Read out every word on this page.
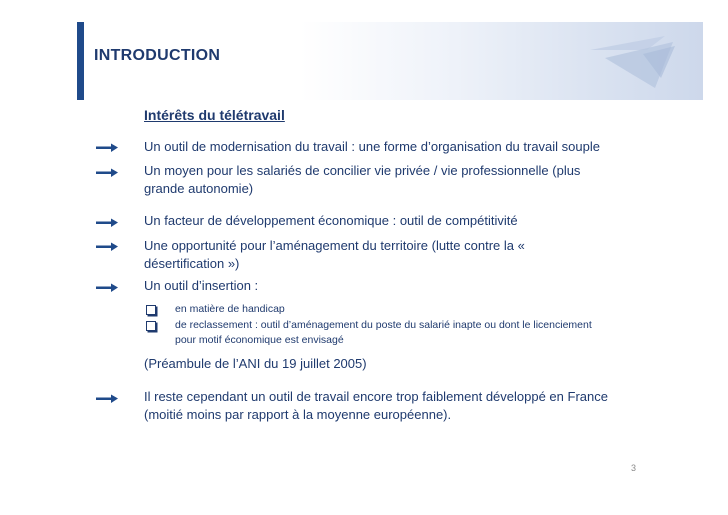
INTRODUCTION
Intérêts du télétravail
Un outil de modernisation du travail : une forme d’organisation du travail souple
Un moyen pour les salariés de concilier vie privée / vie professionnelle (plus grande autonomie)
Un facteur de développement économique : outil de compétitivité
Une opportunité pour l’aménagement du territoire (lutte contre la « désertification »)
Un outil d’insertion :
en matière de handicap
de reclassement : outil d’aménagement du poste du salarié inapte ou dont le licenciement pour motif économique est envisagé
(Préambule de l’ANI du 19 juillet 2005)
Il reste cependant un outil de travail encore trop faiblement développé en France (moitié moins par rapport à la moyenne européenne).
3
